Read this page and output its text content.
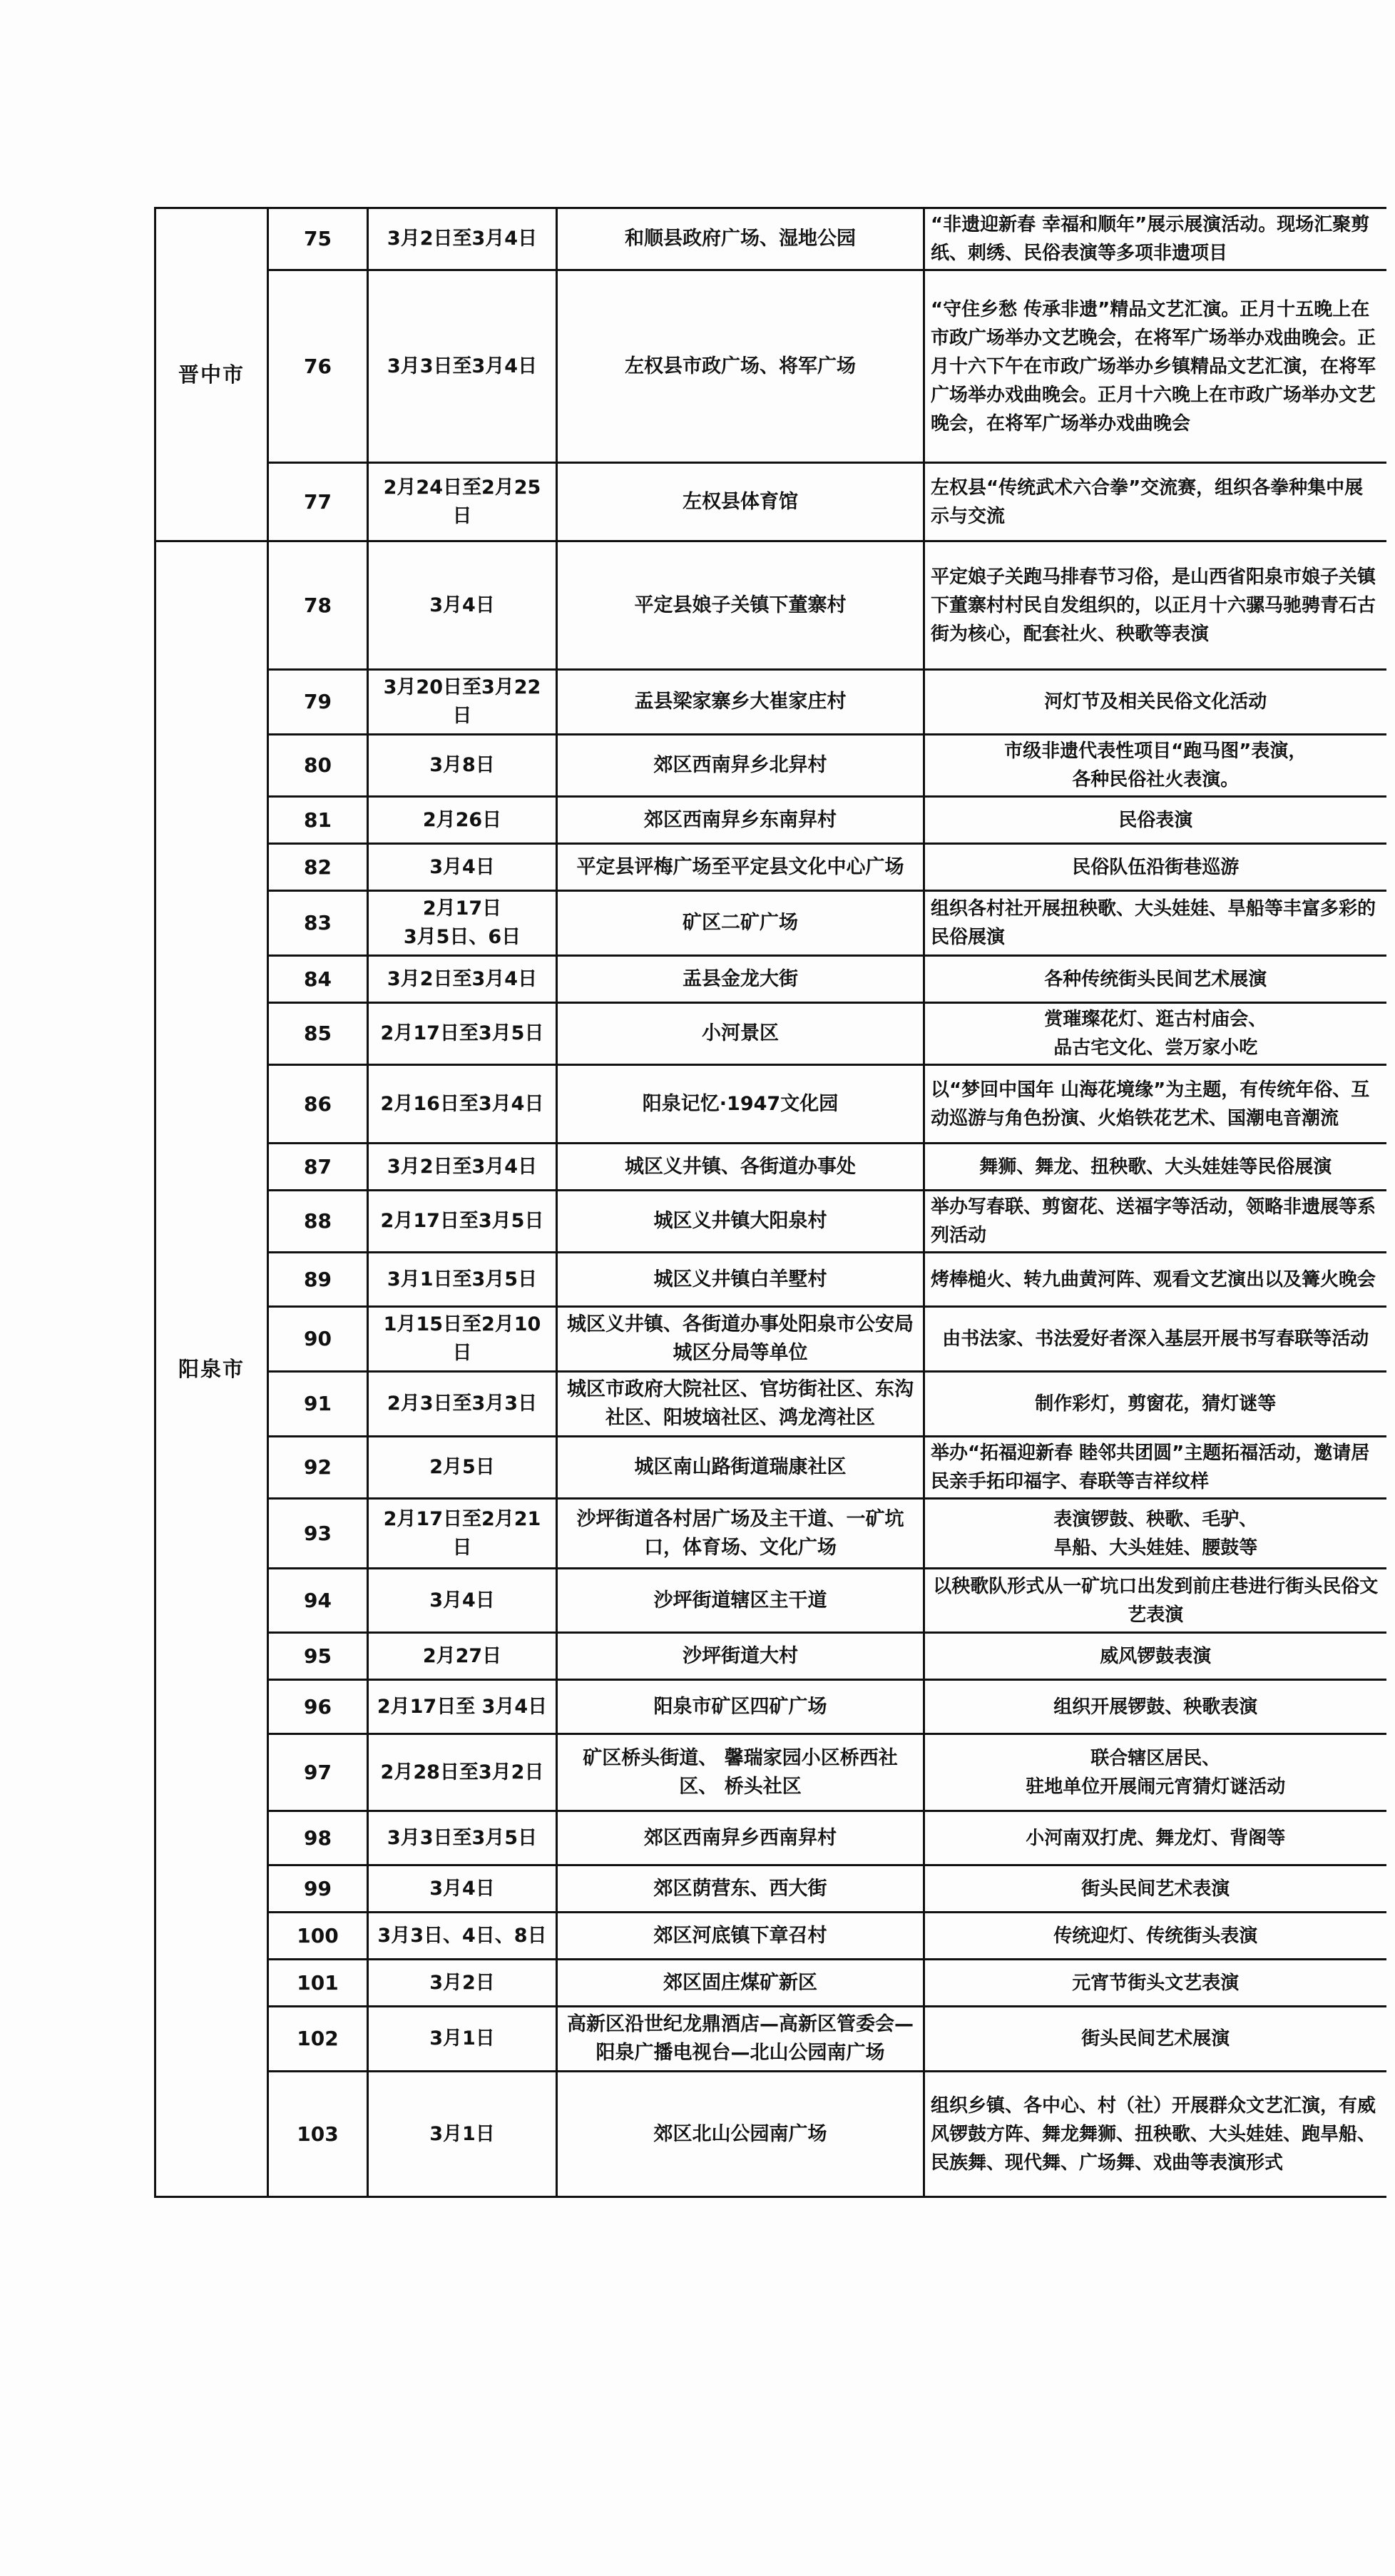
晋中市	75	3月2日至3月4日	和顺县政府广场、湿地公园	“非遗迎新春 幸福和顺年”展示展演活动。现场汇聚剪纸、刺绣、民俗表演等多项非遗项目
	76	3月3日至3月4日	左权县市政广场、将军广场	“守住乡愁 传承非遗”精品文艺汇演。正月十五晚上在市政广场举办文艺晚会，在将军广场举办戏曲晚会。正月十六下午在市政广场举办乡镇精品文艺汇演，在将军广场举办戏曲晚会。正月十六晚上在市政广场举办文艺晚会，在将军广场举办戏曲晚会
	77	2月24日至2月25日	左权县体育馆	左权县“传统武术六合拳”交流赛，组织各拳种集中展示与交流
阳泉市	78	3月4日	平定县娘子关镇下董寨村	平定娘子关跑马排春节习俗，是山西省阳泉市娘子关镇下董寨村村民自发组织的，以正月十六骡马驰骋青石古街为核心，配套社火、秧歌等表演
	79	3月20日至3月22日	盂县梁家寨乡大崔家庄村	河灯节及相关民俗文化活动
	80	3月8日	郊区西南舁乡北舁村	市级非遗代表性项目“跑马图”表演，
各种民俗社火表演。
	81	2月26日	郊区西南舁乡东南舁村	民俗表演
	82	3月4日	平定县评梅广场至平定县文化中心广场	民俗队伍沿街巷巡游
	83	2月17日
3月5日、6日	矿区二矿广场	组织各村社开展扭秧歌、大头娃娃、旱船等丰富多彩的民俗展演
	84	3月2日至3月4日	盂县金龙大街	各种传统街头民间艺术展演
	85	2月17日至3月5日	小河景区	赏璀璨花灯、逛古村庙会、
品古宅文化、尝万家小吃
	86	2月16日至3月4日	阳泉记忆·1947文化园	以“梦回中国年 山海花境缘”为主题，有传统年俗、互动巡游与角色扮演、火焰铁花艺术、国潮电音潮流
	87	3月2日至3月4日	城区义井镇、各街道办事处	舞狮、舞龙、扭秧歌、大头娃娃等民俗展演
	88	2月17日至3月5日	城区义井镇大阳泉村	举办写春联、剪窗花、送福字等活动，领略非遗展等系列活动
	89	3月1日至3月5日	城区义井镇白羊墅村	烤棒槌火、转九曲黄河阵、观看文艺演出以及篝火晚会
	90	1月15日至2月10日	城区义井镇、各街道办事处阳泉市公安局城区分局等单位	由书法家、书法爱好者深入基层开展书写春联等活动
	91	2月3日至3月3日	城区市政府大院社区、官坊街社区、东沟社区、阳坡垴社区、鸿龙湾社区	制作彩灯，剪窗花，猜灯谜等
	92	2月5日	城区南山路街道瑞康社区	举办“拓福迎新春 睦邻共团圆”主题拓福活动，邀请居民亲手拓印福字、春联等吉祥纹样
	93	2月17日至2月21日	沙坪街道各村居广场及主干道、一矿坑口，体育场、文化广场	表演锣鼓、秧歌、毛驴、
旱船、大头娃娃、腰鼓等
	94	3月4日	沙坪街道辖区主干道	以秧歌队形式从一矿坑口出发到前庄巷进行街头民俗文艺表演
	95	2月27日	沙坪街道大村	威风锣鼓表演
	96	2月17日至 3月4日	阳泉市矿区四矿广场	组织开展锣鼓、秧歌表演
	97	2月28日至3月2日	矿区桥头街道、 馨瑞家园小区桥西社区、 桥头社区	联合辖区居民、
驻地单位开展闹元宵猜灯谜活动
	98	3月3日至3月5日	郊区西南舁乡西南舁村	小河南双打虎、舞龙灯、背阁等
	99	3月4日	郊区荫营东、西大街	街头民间艺术表演
	100	3月3日、4日、8日	郊区河底镇下章召村	传统迎灯、传统街头表演
	101	3月2日	郊区固庄煤矿新区	元宵节街头文艺表演
	102	3月1日	高新区沿世纪龙鼎酒店—高新区管委会—阳泉广播电视台—北山公园南广场	街头民间艺术展演
	103	3月1日	郊区北山公园南广场	组织乡镇、各中心、村（社）开展群众文艺汇演，有威风锣鼓方阵、舞龙舞狮、扭秧歌、大头娃娃、跑旱船、民族舞、现代舞、广场舞、戏曲等表演形式
